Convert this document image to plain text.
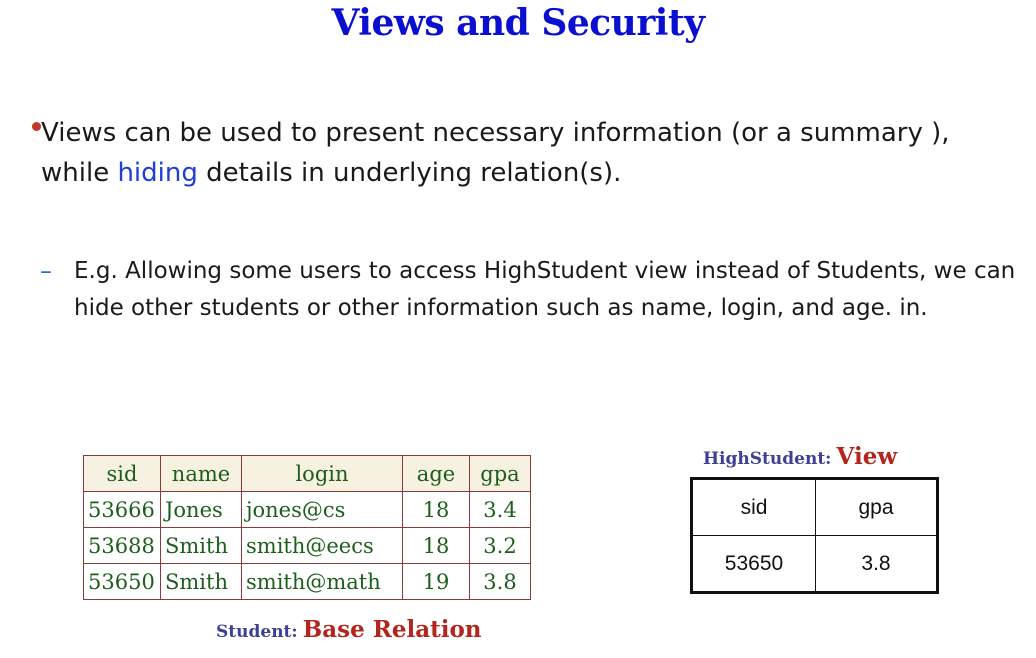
Views and Security
Views can be used to present necessary information (or a summary ), while hiding details in underlying relation(s).
– E.g. Allowing some users to access HighStudent view instead of Students, we can hide other students or other information such as name, login, and age. in.
sid	name	login	age	gpa
53666	Jones	jones@cs	18	3.4
53688	Smith	smith@eecs	18	3.2
53650	Smith	smith@math	19	3.8
Student: Base Relation
HighStudent: View
sid	gpa
53650	3.8
